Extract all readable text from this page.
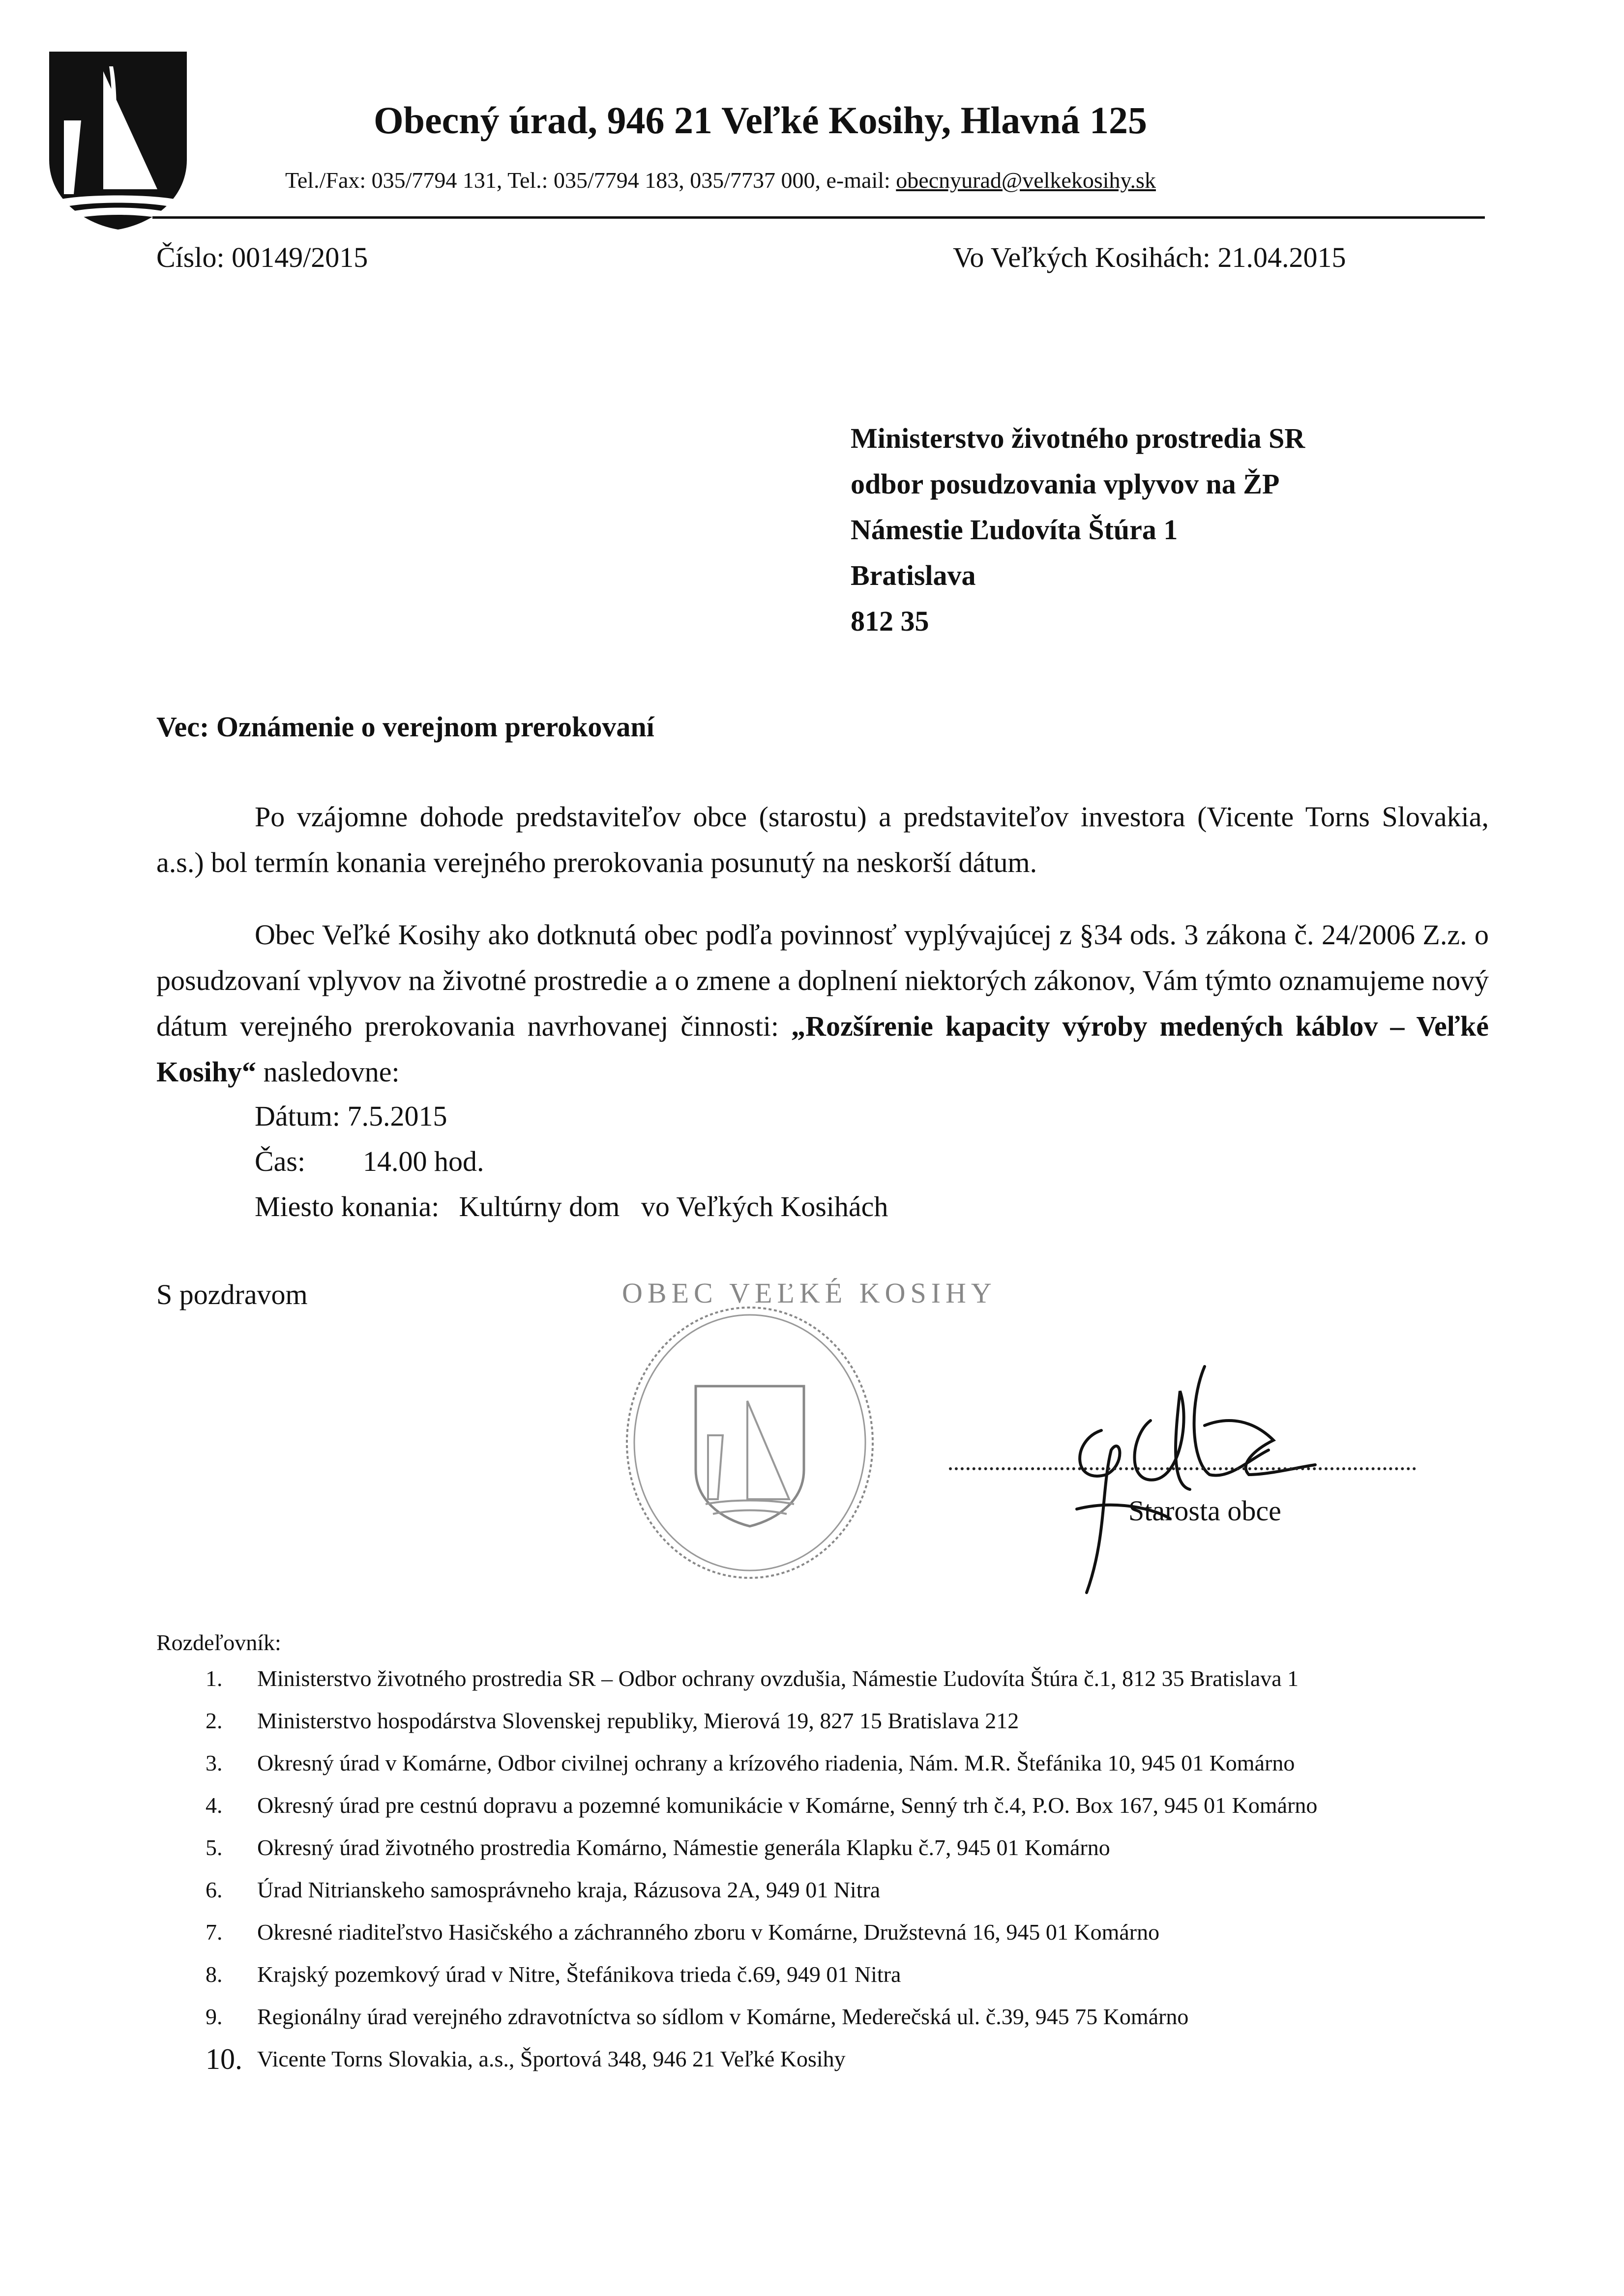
Obecný úrad, 946 21 Veľké Kosihy, Hlavná 125
Tel./Fax: 035/7794 131, Tel.: 035/7794 183, 035/7737 000, e-mail: obecnyurad@velkekosihy.sk
Číslo: 00149/2015	Vo Veľkých Kosihách: 21.04.2015
Ministerstvo životného prostredia SR
odbor posudzovania vplyvov na ŽP
Námestie Ľudovíta Štúra 1
Bratislava
812 35
Vec: Oznámenie o verejnom prerokovaní
Po vzájomne dohode predstaviteľov obce (starostu) a predstaviteľov investora (Vicente Torns Slovakia, a.s.) bol termín konania verejného prerokovania posunutý na neskorší dátum.
Obec Veľké Kosihy ako dotknutá obec podľa povinnosť vyplývajúcej z §34 ods. 3 zákona č. 24/2006 Z.z. o posudzovaní vplyvov na životné prostredie a o zmene a doplnení niektorých zákonov, Vám týmto oznamujeme nový dátum verejného prerokovania navrhovanej činnosti: „Rozšírenie kapacity výroby medených káblov – Veľké Kosihy“ nasledovne:
Dátum: 7.5.2015
Čas: 14.00 hod.
Miesto konania: Kultúrny dom   vo Veľkých Kosihách
S pozdravom	OBEC VEĽKÉ KOSIHY
Starosta obce
Rozdeľovník:
1. Ministerstvo životného prostredia SR – Odbor ochrany ovzdušia, Námestie Ľudovíta Štúra č.1, 812 35 Bratislava 1
2. Ministerstvo hospodárstva Slovenskej republiky, Mierová 19, 827 15 Bratislava 212
3. Okresný úrad v Komárne, Odbor civilnej ochrany a krízového riadenia, Nám. M.R. Štefánika 10, 945 01 Komárno
4. Okresný úrad pre cestnú dopravu a pozemné komunikácie v Komárne, Senný trh č.4, P.O. Box 167, 945 01 Komárno
5. Okresný úrad životného prostredia Komárno, Námestie generála Klapku č.7, 945 01 Komárno
6. Úrad Nitrianskeho samosprávneho kraja, Rázusova 2A, 949 01 Nitra
7. Okresné riaditeľstvo Hasičského a záchranného zboru v Komárne, Družstevná 16, 945 01 Komárno
8. Krajský pozemkový úrad v Nitre, Štefánikova trieda č.69, 949 01 Nitra
9. Regionálny úrad verejného zdravotníctva so sídlom v Komárne, Mederečská ul. č.39, 945 75 Komárno
10. Vicente Torns Slovakia, a.s., Športová 348, 946 21 Veľké Kosihy
